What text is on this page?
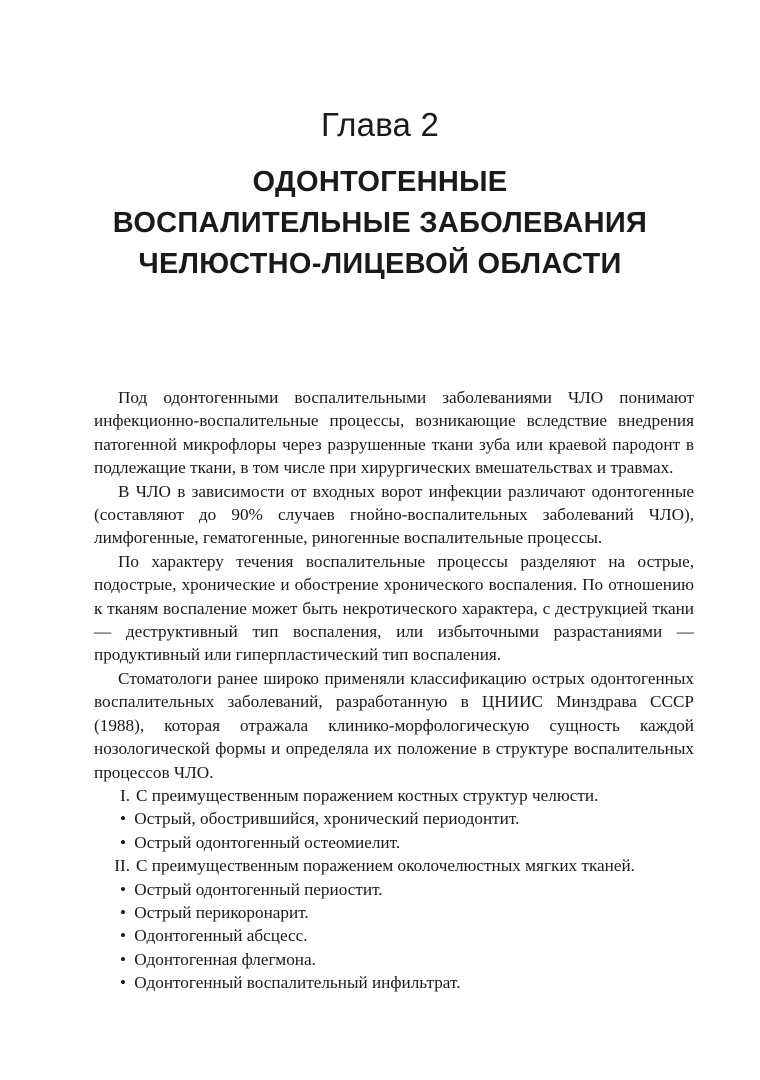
Глава 2
ОДОНТОГЕННЫЕ
ВОСПАЛИТЕЛЬНЫЕ ЗАБОЛЕВАНИЯ
ЧЕЛЮСТНО-ЛИЦЕВОЙ ОБЛАСТИ

Под одонтогенными воспалительными заболеваниями ЧЛО понимают инфекционно-воспалительные процессы, возникающие вследствие внедрения патогенной микрофлоры через разрушенные ткани зуба или краевой пародонт в подлежащие ткани, в том числе при хирургических вмешательствах и травмах.

В ЧЛО в зависимости от входных ворот инфекции различают одонтогенные (составляют до 90% случаев гнойно-воспалительных заболеваний ЧЛО), лимфогенные, гематогенные, риногенные воспалительные процессы.

По характеру течения воспалительные процессы разделяют на острые, подострые, хронические и обострение хронического воспаления. По отношению к тканям воспаление может быть некротического характера, с деструкцией ткани — деструктивный тип воспаления, или избыточными разрастаниями — продуктивный или гиперпластический тип воспаления.

Стоматологи ранее широко применяли классификацию острых одонтогенных воспалительных заболеваний, разработанную в ЦНИИС Минздрава СССР (1988), которая отражала клинико-морфологическую сущность каждой нозологической формы и определяла их положение в структуре воспалительных процессов ЧЛО.

I. С преимущественным поражением костных структур челюсти.
• Острый, обострившийся, хронический периодонтит.
• Острый одонтогенный остеомиелит.
II. С преимущественным поражением околочелюстных мягких тканей.
• Острый одонтогенный периостит.
• Острый перикоронарит.
• Одонтогенный абсцесс.
• Одонтогенная флегмона.
• Одонтогенный воспалительный инфильтрат.
